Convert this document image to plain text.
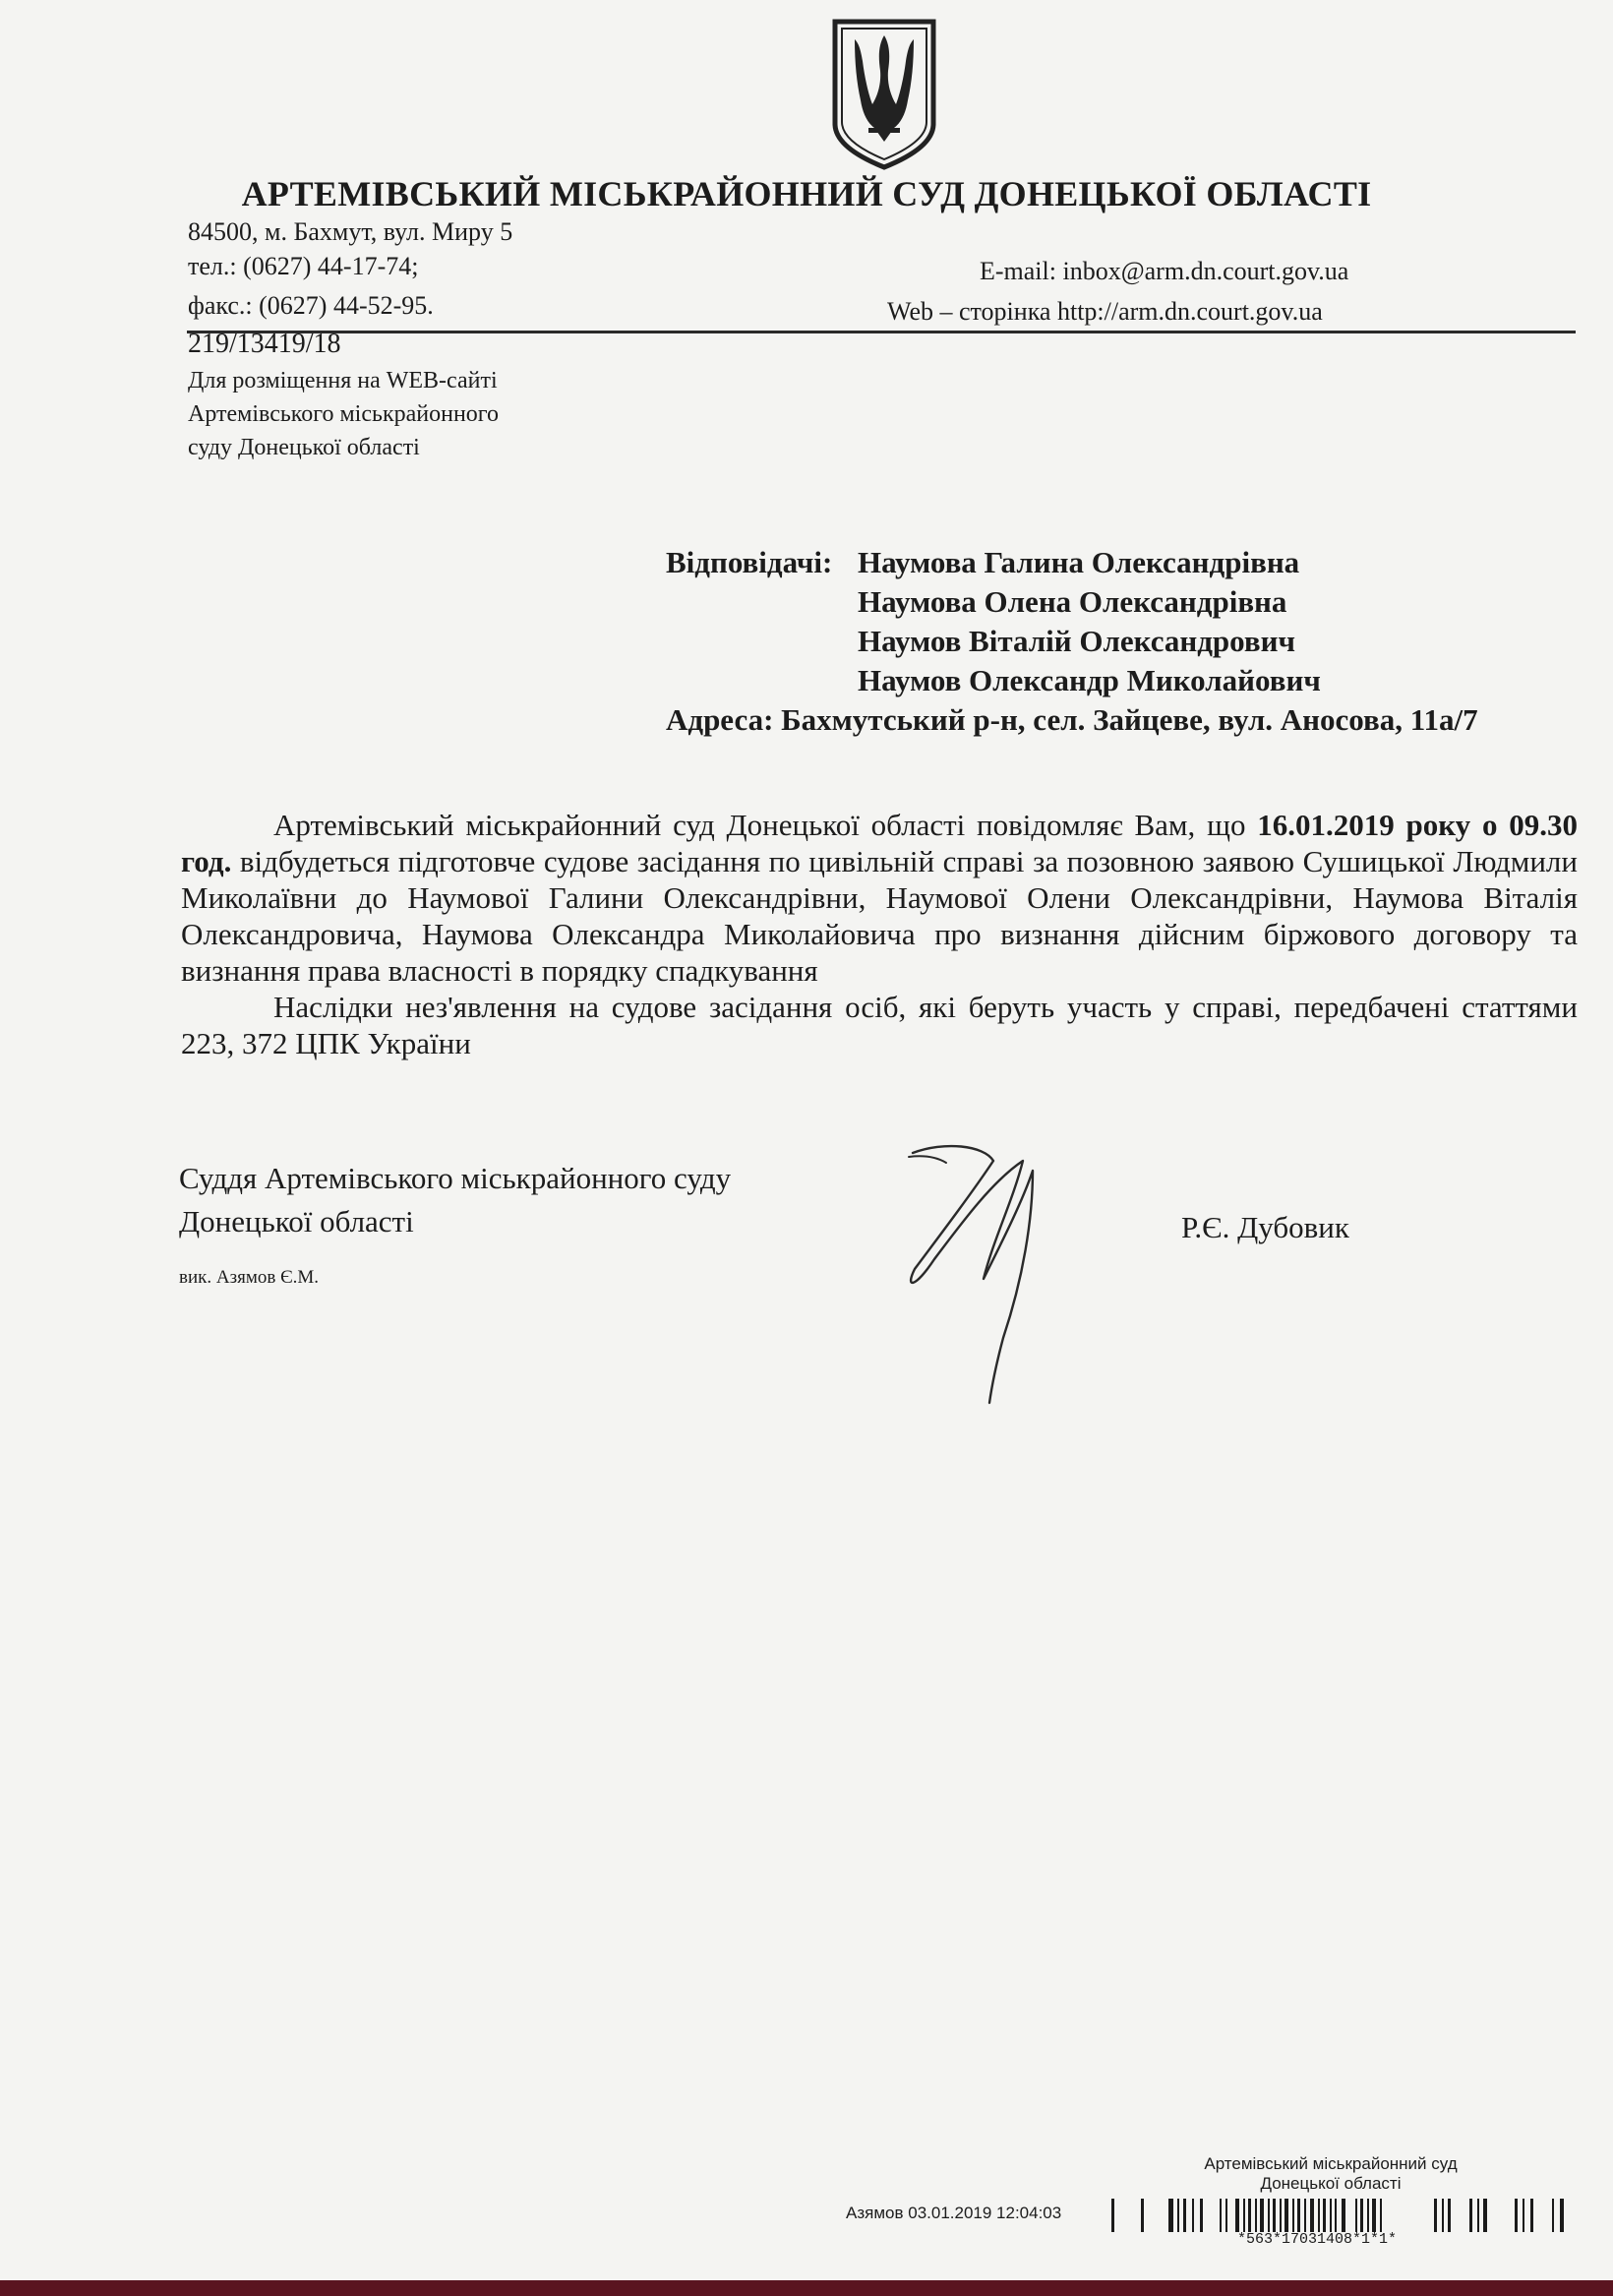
АРТЕМІВСЬКИЙ МІСЬКРАЙОННИЙ СУД ДОНЕЦЬКОЇ ОБЛАСТІ
84500, м. Бахмут, вул. Миру 5
тел.: (0627) 44-17-74;
факс.: (0627) 44-52-95.
E-mail: inbox@arm.dn.court.gov.ua
Web – сторінка http://arm.dn.court.gov.ua
219/13419/18
Для розміщення на WEB-сайті
Артемівського міськрайонного
суду Донецької області
Відповідачі: Наумова Галина Олександрівна
Наумова Олена Олександрівна
Наумов Віталій Олександрович
Наумов Олександр Миколайович
Адреса: Бахмутський р-н, сел. Зайцеве, вул. Аносова, 11а/7

Артемівський міськрайонний суд Донецької області повідомляє Вам, що 16.01.2019 року о 09.30 год. відбудеться підготовче судове засідання по цивільній справі за позовною заявою Сушицької Людмили Миколаївни до Наумової Галини Олександрівни, Наумової Олени Олександрівни, Наумова Віталія Олександровича, Наумова Олександра Миколайовича про визнання дійсним біржового договору та визнання права власності в порядку спадкування

Наслідки нез'явлення на судове засідання осіб, які беруть участь у справі, передбачені статтями 223, 372 ЦПК України

Суддя Артемівського міськрайонного суду
Донецької області
вик. Азямов Є.М.
Р.Є. Дубовик
Артемівський міськрайонний суд
Донецької області
Азямов 03.01.2019 12:04:03
*563*17031408*1*1*
